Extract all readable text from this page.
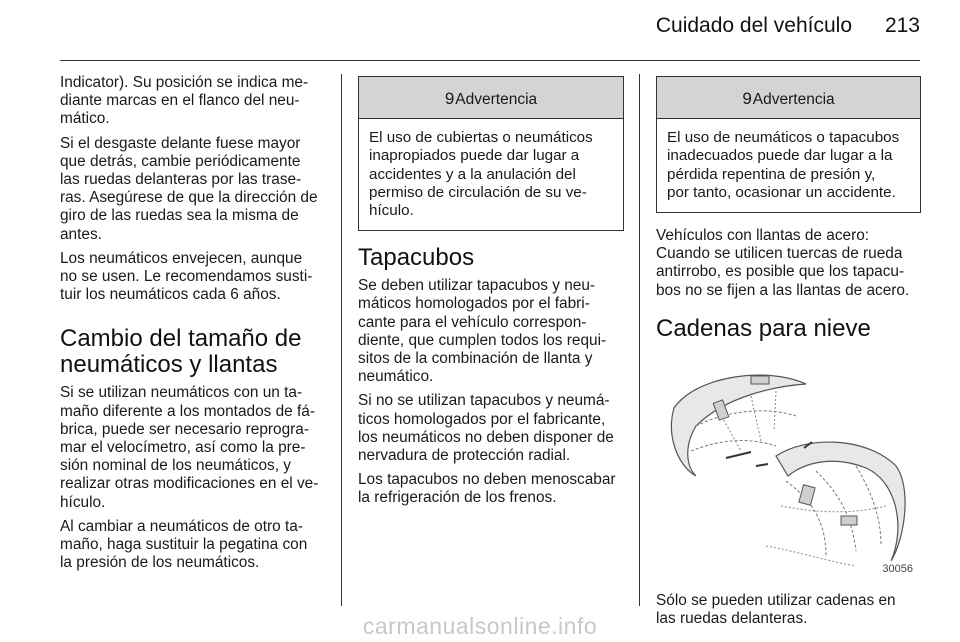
Cuidado del vehículo 213

Indicator). Su posición se indica me-
diante marcas en el flanco del neu-
mático.

Si el desgaste delante fuese mayor
que detrás, cambie periódicamente
las ruedas delanteras por las trase-
ras. Asegúrese de que la dirección de
giro de las ruedas sea la misma de
antes.

Los neumáticos envejecen, aunque
no se usen. Le recomendamos susti-
tuir los neumáticos cada 6 años.

Cambio del tamaño de
neumáticos y llantas

Si se utilizan neumáticos con un ta-
maño diferente a los montados de fá-
brica, puede ser necesario reprogra-
mar el velocímetro, así como la pre-
sión nominal de los neumáticos, y
realizar otras modificaciones en el ve-
hículo.

Al cambiar a neumáticos de otro ta-
maño, haga sustituir la pegatina con
la presión de los neumáticos.

9Advertencia
El uso de cubiertas o neumáticos
inapropiados puede dar lugar a
accidentes y a la anulación del
permiso de circulación de su ve-
hículo.
Tapacubos

Se deben utilizar tapacubos y neu-
máticos homologados por el fabri-
cante para el vehículo correspon-
diente, que cumplen todos los requi-
sitos de la combinación de llanta y
neumático.

Si no se utilizan tapacubos y neumá-
ticos homologados por el fabricante,
los neumáticos no deben disponer de
nervadura de protección radial.

Los tapacubos no deben menoscabar
la refrigeración de los frenos.

9Advertencia
El uso de neumáticos o tapacubos
inadecuados puede dar lugar a la
pérdida repentina de presión y,
por tanto, ocasionar un accidente.

Vehículos con llantas de acero:
Cuando se utilicen tuercas de rueda
antirrobo, es posible que los tapacu-
bos no se fijen a las llantas de acero.

Cadenas para nieve
30056

Sólo se pueden utilizar cadenas en
las ruedas delanteras.

carmanualsonline.info
